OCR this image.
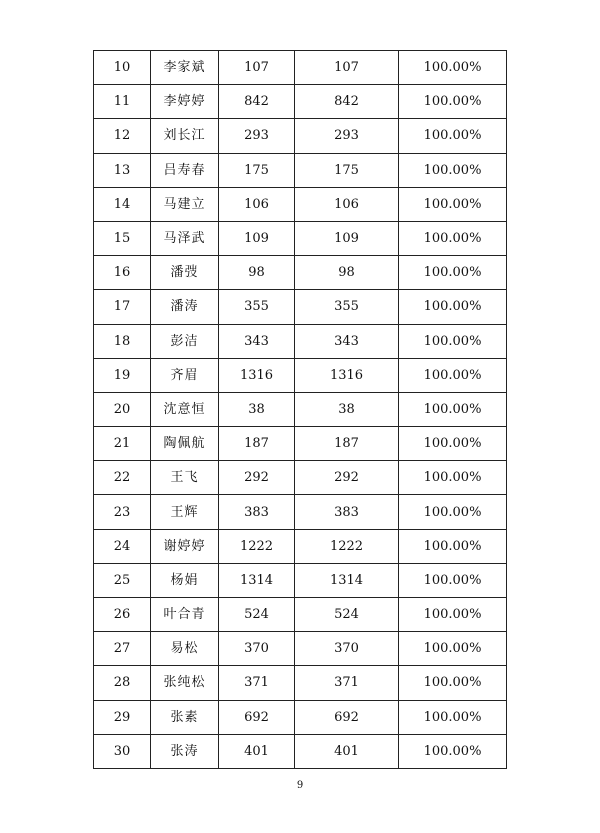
10	李家斌	107	107	100.00%
11	李婷婷	842	842	100.00%
12	刘长江	293	293	100.00%
13	吕寿春	175	175	100.00%
14	马建立	106	106	100.00%
15	马泽武	109	109	100.00%
16	潘弢	98	98	100.00%
17	潘涛	355	355	100.00%
18	彭洁	343	343	100.00%
19	齐眉	1316	1316	100.00%
20	沈意恒	38	38	100.00%
21	陶佩航	187	187	100.00%
22	王飞	292	292	100.00%
23	王辉	383	383	100.00%
24	谢婷婷	1222	1222	100.00%
25	杨娟	1314	1314	100.00%
26	叶合青	524	524	100.00%
27	易松	370	370	100.00%
28	张纯松	371	371	100.00%
29	张素	692	692	100.00%
30	张涛	401	401	100.00%
9
